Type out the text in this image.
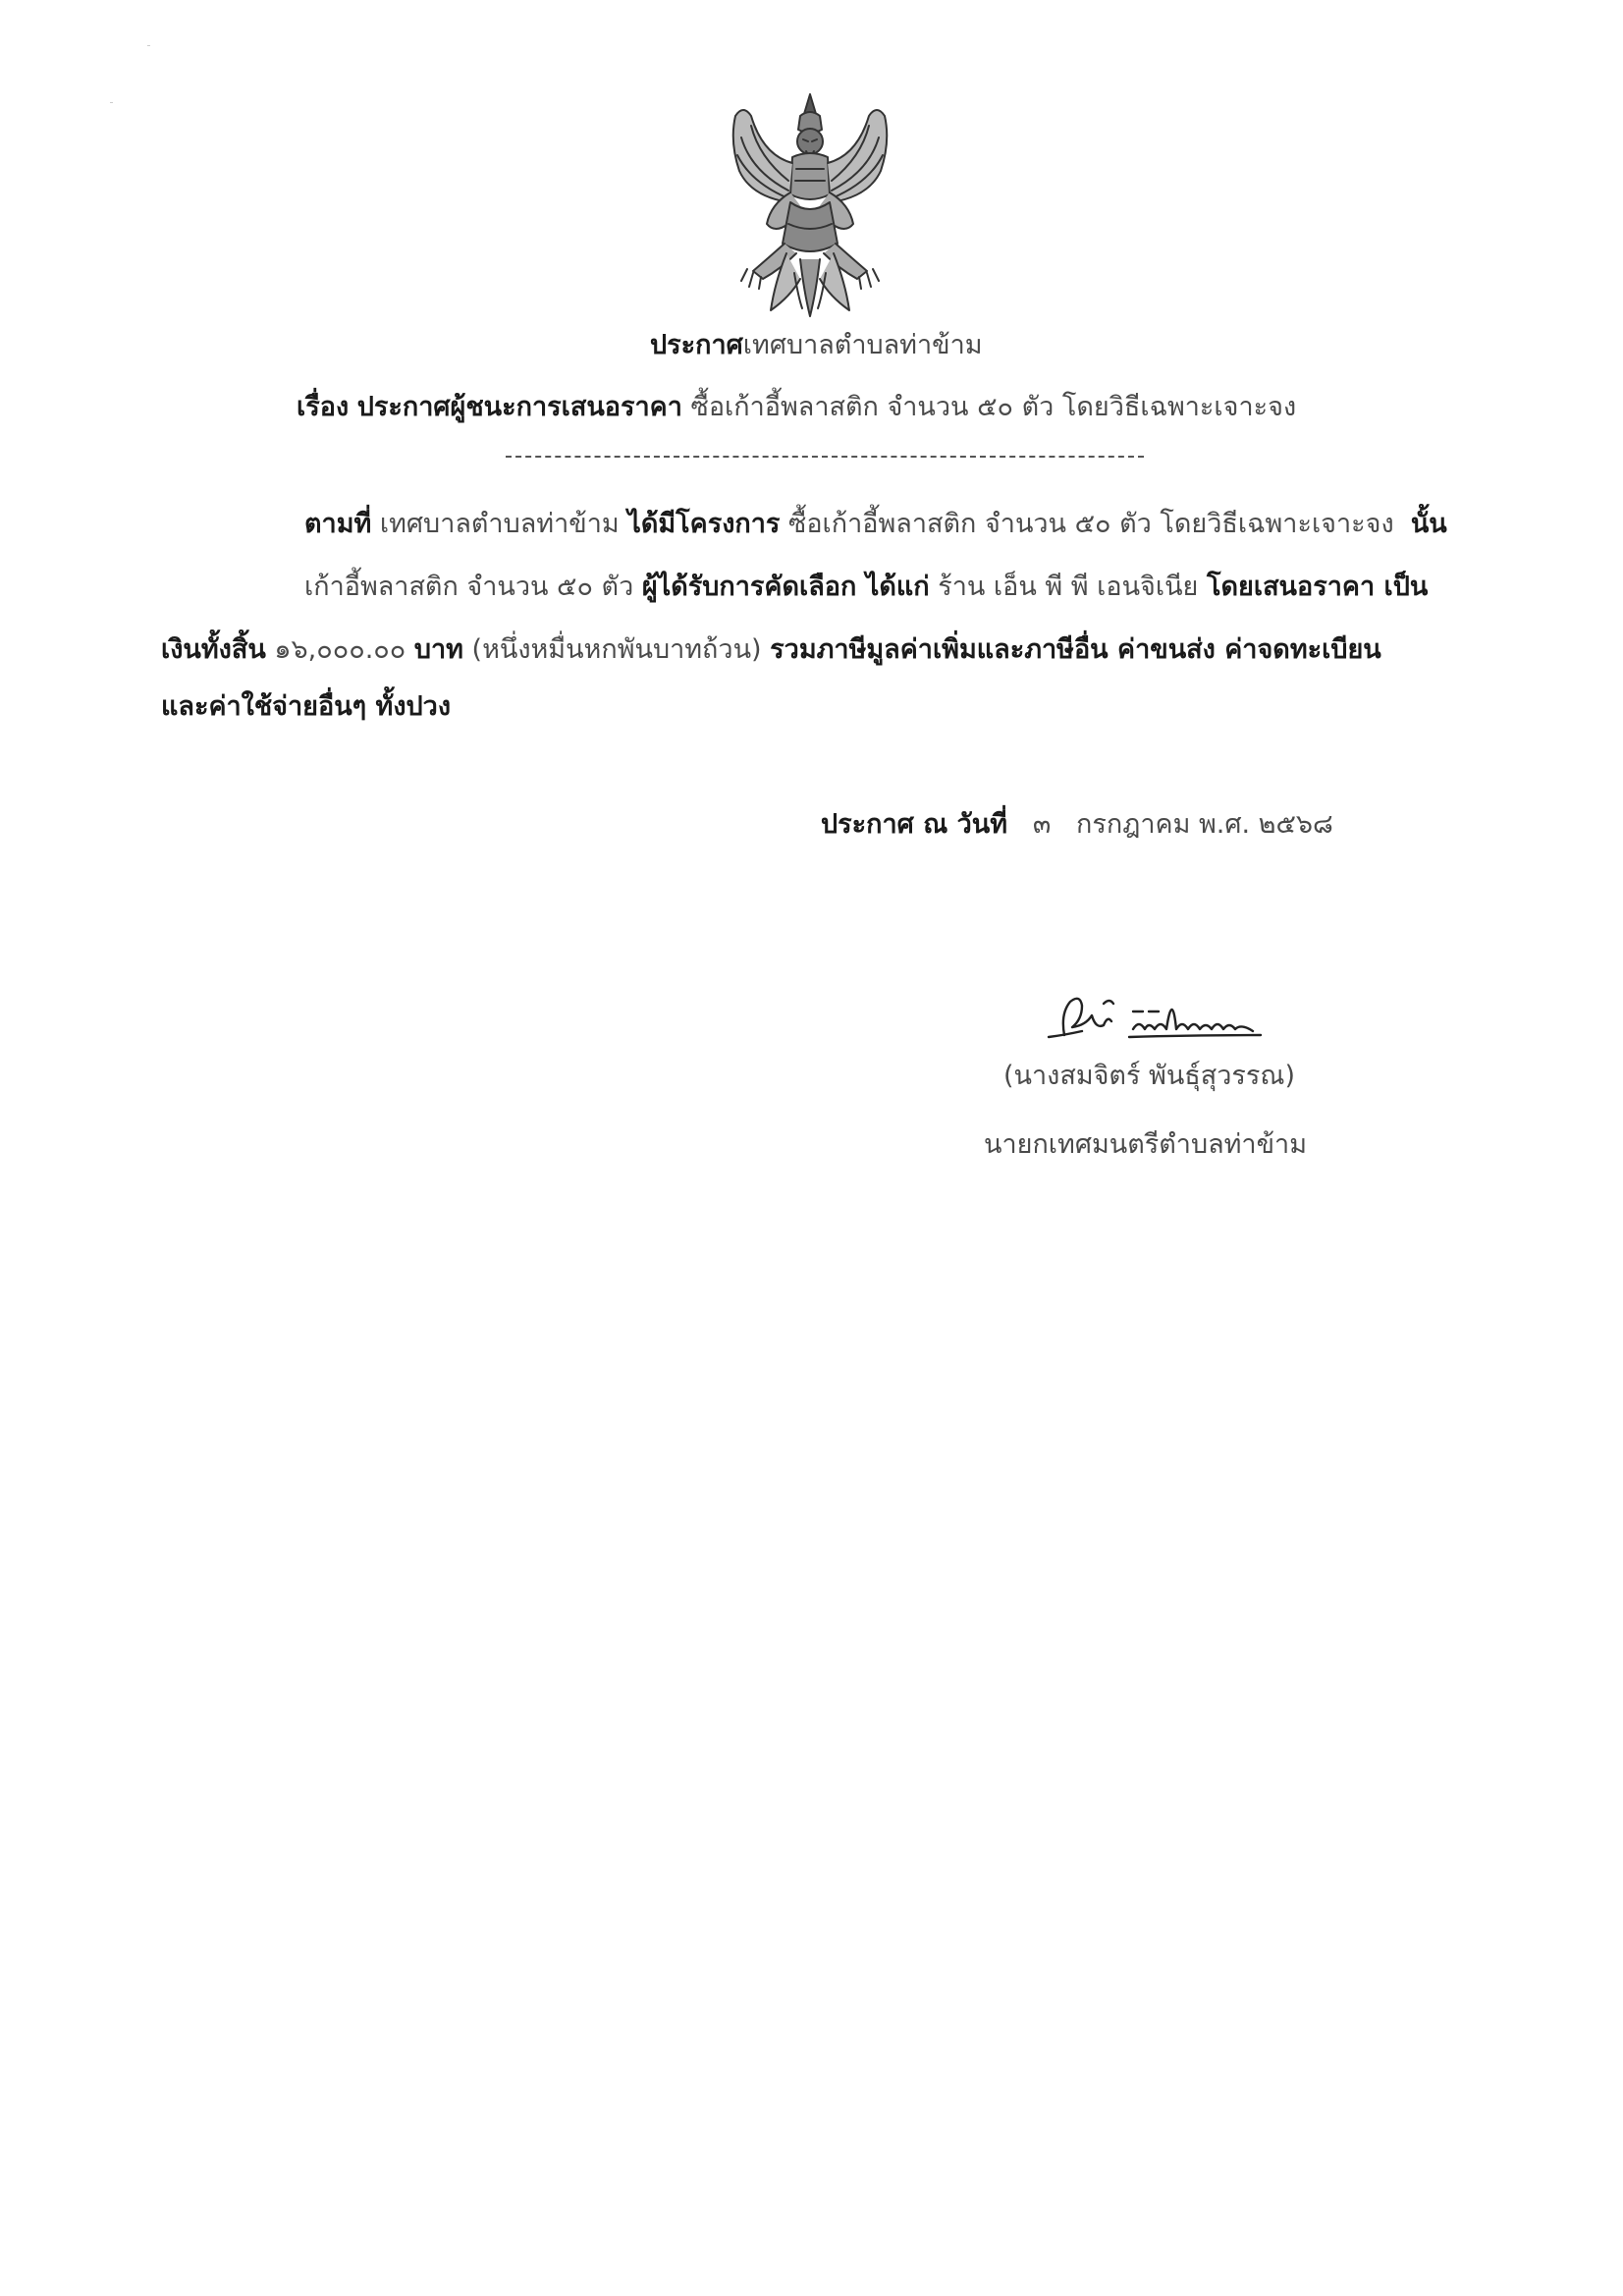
ประกาศเทศบาลตำบลท่าข้าม
เรื่อง ประกาศผู้ชนะการเสนอราคา ซื้อเก้าอี้พลาสติก จำนวน ๕๐ ตัว โดยวิธีเฉพาะเจาะจง
ตามที่ เทศบาลตำบลท่าข้าม ได้มีโครงการ ซื้อเก้าอี้พลาสติก จำนวน ๕๐ ตัว โดยวิธีเฉพาะเจาะจง นั้น
เก้าอี้พลาสติก จำนวน ๕๐ ตัว ผู้ได้รับการคัดเลือก ได้แก่ ร้าน เอ็น พี พี เอนจิเนีย โดยเสนอราคา เป็น
เงินทั้งสิ้น ๑๖,๐๐๐.๐๐ บาท (หนึ่งหมื่นหกพันบาทถ้วน) รวมภาษีมูลค่าเพิ่มและภาษีอื่น ค่าขนส่ง ค่าจดทะเบียน
และค่าใช้จ่ายอื่นๆ ทั้งปวง
ประกาศ ณ วันที่ ๓ กรกฎาคม พ.ศ. ๒๕๖๘
(นางสมจิตร์ พันธุ์สุวรรณ)
นายกเทศมนตรีตำบลท่าข้าม
